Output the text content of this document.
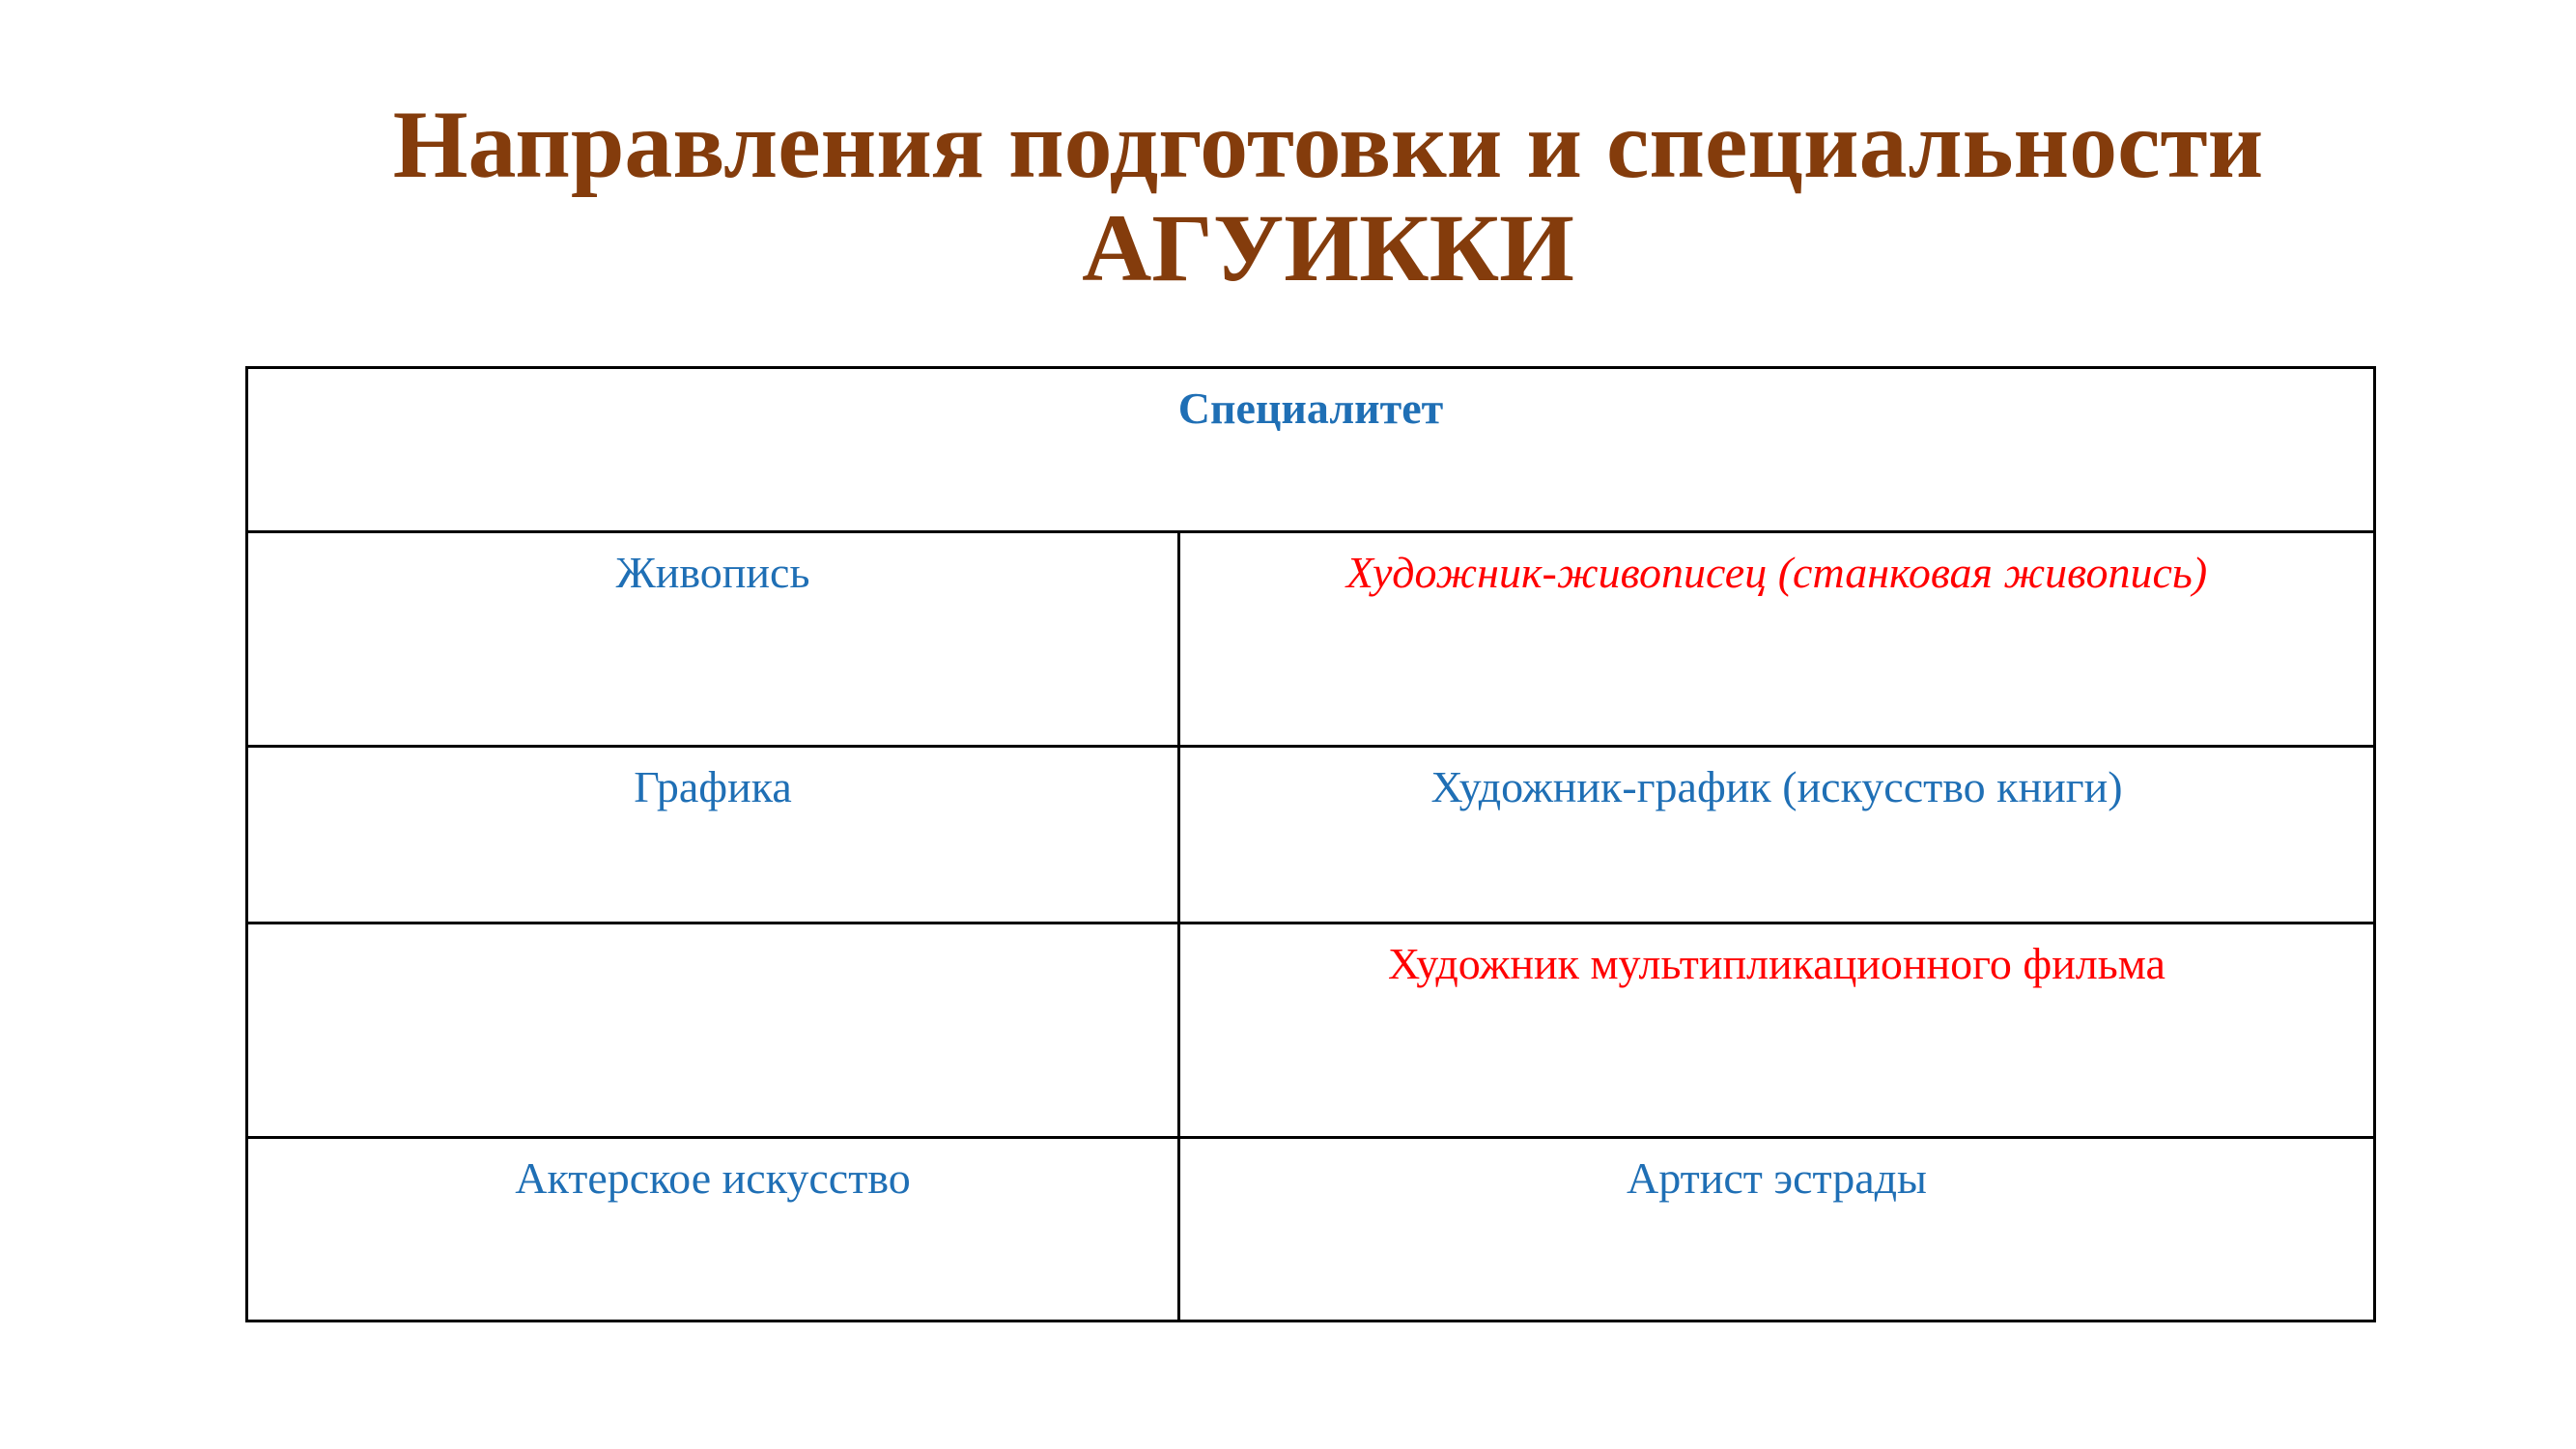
Направления подготовки и специальности
АГУИККИ
Специалитет	
Живопись	Художник-живописец (станковая живопись)
Графика	Художник-график (искусство книги)
	Художник мультипликационного фильма
Актерское искусство	Артист эстрады
